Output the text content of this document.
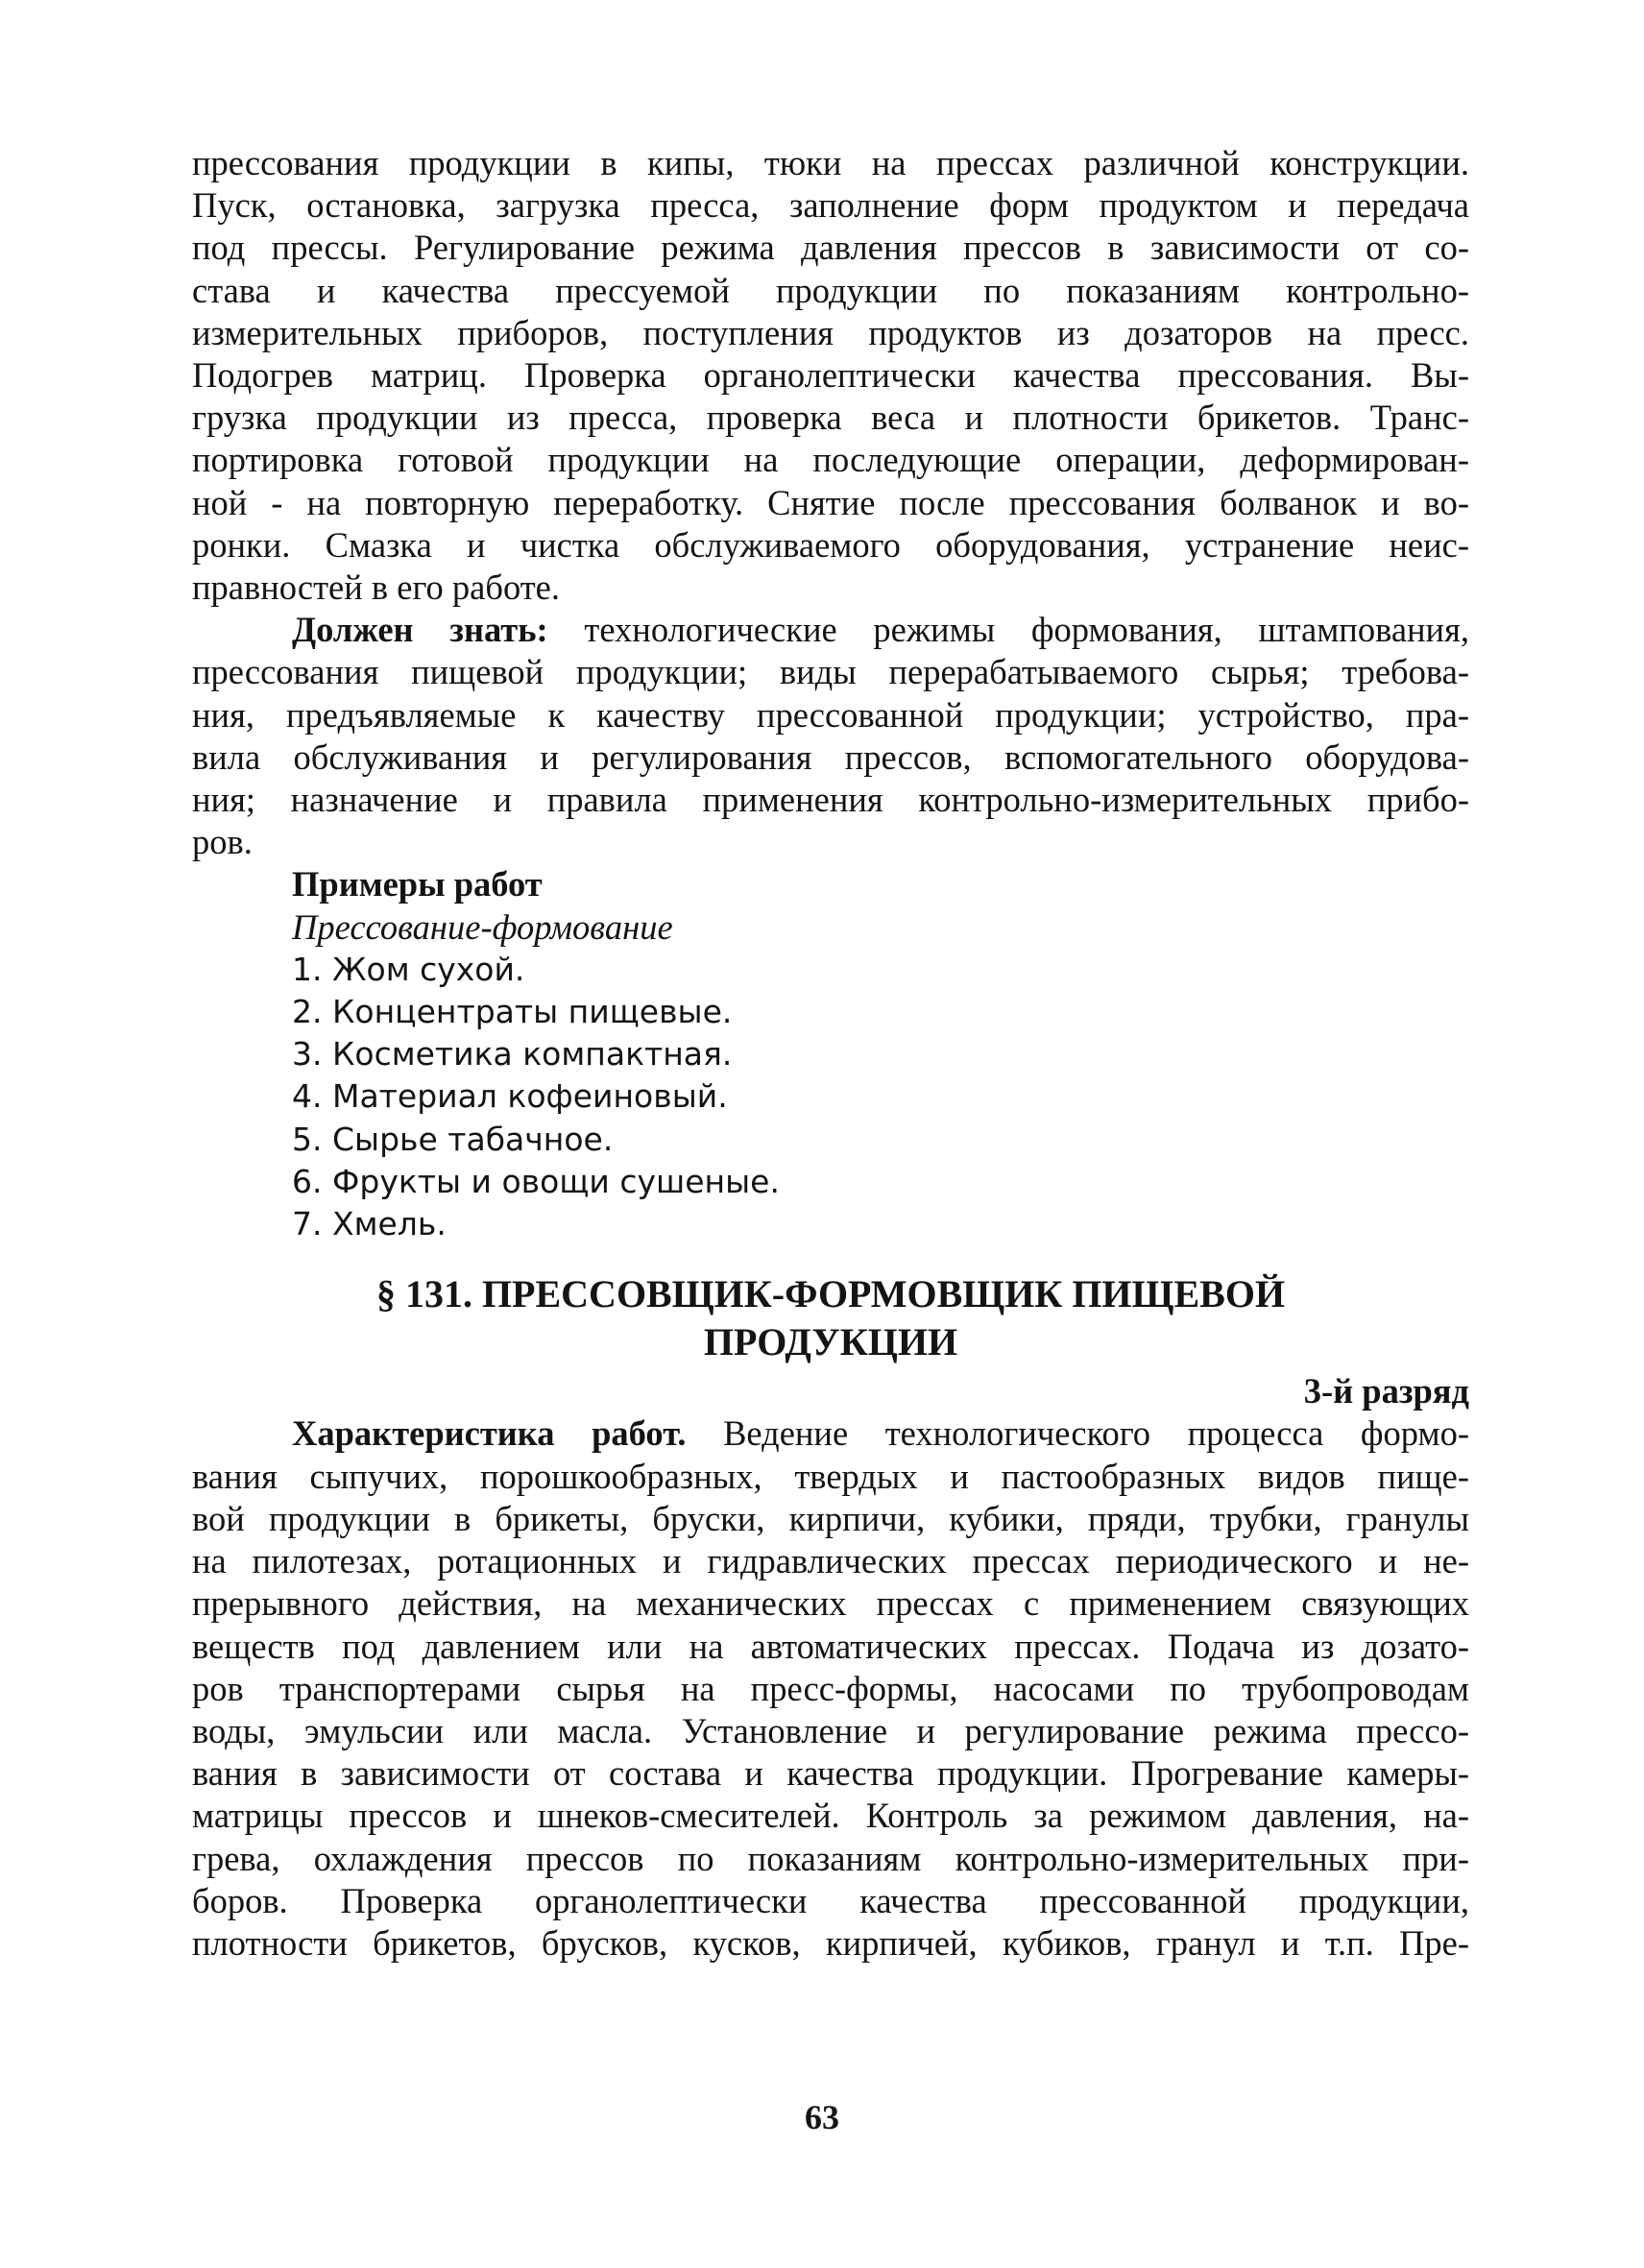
прессования продукции в кипы, тюки на прессах различной конструкции.
Пуск, остановка, загрузка пресса, заполнение форм продуктом и передача
под прессы. Регулирование режима давления прессов в зависимости от со-
става и качества прессуемой продукции по показаниям контрольно-
измерительных приборов, поступления продуктов из дозаторов на пресс.
Подогрев матриц. Проверка органолептически качества прессования. Вы-
грузка продукции из пресса, проверка веса и плотности брикетов. Транс-
портировка готовой продукции на последующие операции, деформирован-
ной - на повторную переработку. Снятие после прессования болванок и во-
ронки. Смазка и чистка обслуживаемого оборудования, устранение неис-
правностей в его работе.
Должен знать: технологические режимы формования, штампования,
прессования пищевой продукции; виды перерабатываемого сырья; требова-
ния, предъявляемые к качеству прессованной продукции; устройство, пра-
вила обслуживания и регулирования прессов, вспомогательного оборудова-
ния; назначение и правила применения контрольно-измерительных прибо-
ров.
Примеры работ
Прессование-формование
1. Жом сухой.
2. Концентраты пищевые.
3. Косметика компактная.
4. Материал кофеиновый.
5. Сырье табачное.
6. Фрукты и овощи сушеные.
7. Хмель.
§ 131. ПРЕССОВЩИК-ФОРМОВЩИК ПИЩЕВОЙ
ПРОДУКЦИИ
3-й разряд
Характеристика работ. Ведение технологического процесса формо-
вания сыпучих, порошкообразных, твердых и пастообразных видов пище-
вой продукции в брикеты, бруски, кирпичи, кубики, пряди, трубки, гранулы
на пилотезах, ротационных и гидравлических прессах периодического и не-
прерывного действия, на механических прессах с применением связующих
веществ под давлением или на автоматических прессах. Подача из дозато-
ров транспортерами сырья на пресс-формы, насосами по трубопроводам
воды, эмульсии или масла. Установление и регулирование режима прессо-
вания в зависимости от состава и качества продукции. Прогревание камеры-
матрицы прессов и шнеков-смесителей. Контроль за режимом давления, на-
грева, охлаждения прессов по показаниям контрольно-измерительных при-
боров. Проверка органолептически качества прессованной продукции,
плотности брикетов, брусков, кусков, кирпичей, кубиков, гранул и т.п. Пре-
63
